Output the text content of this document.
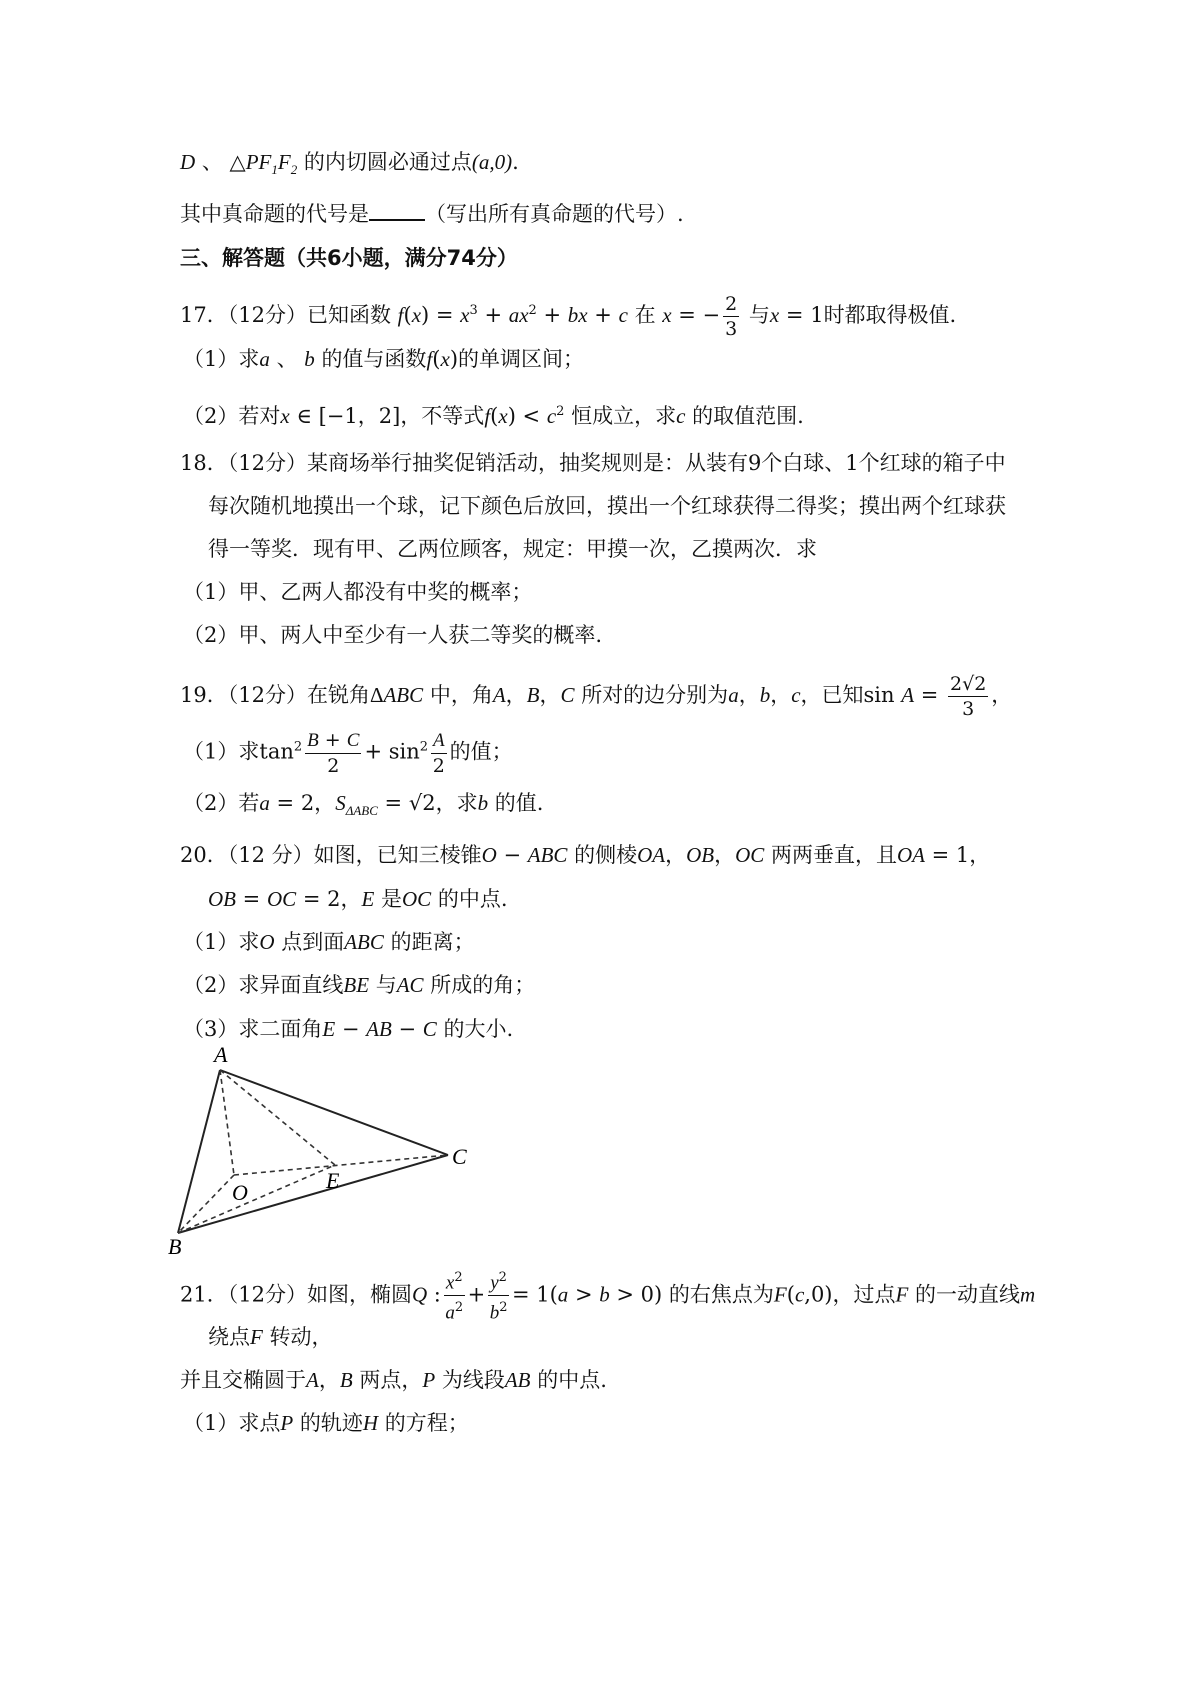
D 、 $\triangle PF_1F_2$ 的内切圆必通过点(a,0).
其中真命题的代号是	（写出所有真命题的代号）.
三、解答题（共6小题，满分74分）
17．（12分）已知函数 $f(x) = x^3 + ax^2$ + bx + c 在 x = − $\frac{2}{3}$ 与x = 1时都取得极值.
（1）求a 、 b 的值与函数f(x)的单调区间；
（2）若对x ∈ [−1，2]，不等式$f(x) < c^2$ 恒成立，求c 的取值范围.
18．（12分）某商场举行抽奖促销活动，抽奖规则是：从装有9个白球、1个红球的箱子中
每次随机地摸出一个球，记下颜色后放回，摸出一个红球获得二得奖；摸出两个红球获
得一等奖．现有甲、乙两位顾客，规定：甲摸一次，乙摸两次．求
（1）甲、乙两人都没有中奖的概率；
（2）甲、两人中至少有一人获二等奖的概率.
19．（12分）在锐角ΔABC 中，角A，B，C 所对的边分别为a，b，c，已知$\sin A = \frac{2√2}{3}$ ，
（1）求$\tan^2 \frac{B + C}{2} + \sin^2 \frac{A}{2}$ 的值；
（2）若a = 2，$S_{\Delta ABC} = √2$，求b 的值.
20．（12 分）如图，已知三棱锥O − ABC 的侧棱OA，OB，OC 两两垂直，且OA = 1，
OB = OC = 2，E 是OC 的中点.
（1）求O 点到面ABC 的距离；
（2）求异面直线BE 与AC 所成的角；
（3）求二面角E − AB − C 的大小.
A
B
C
O	E
21．（12分）如图，椭圆Q : $\frac{x^2}{a^2} + \frac{y^2}{b^2} = 1(a > b > 0)$ 的右焦点为F(c,0)，过点F 的一动直线m
绕点F 转动，
并且交椭圆于A，B 两点，P 为线段AB 的中点.
（1）求点P 的轨迹H 的方程；
